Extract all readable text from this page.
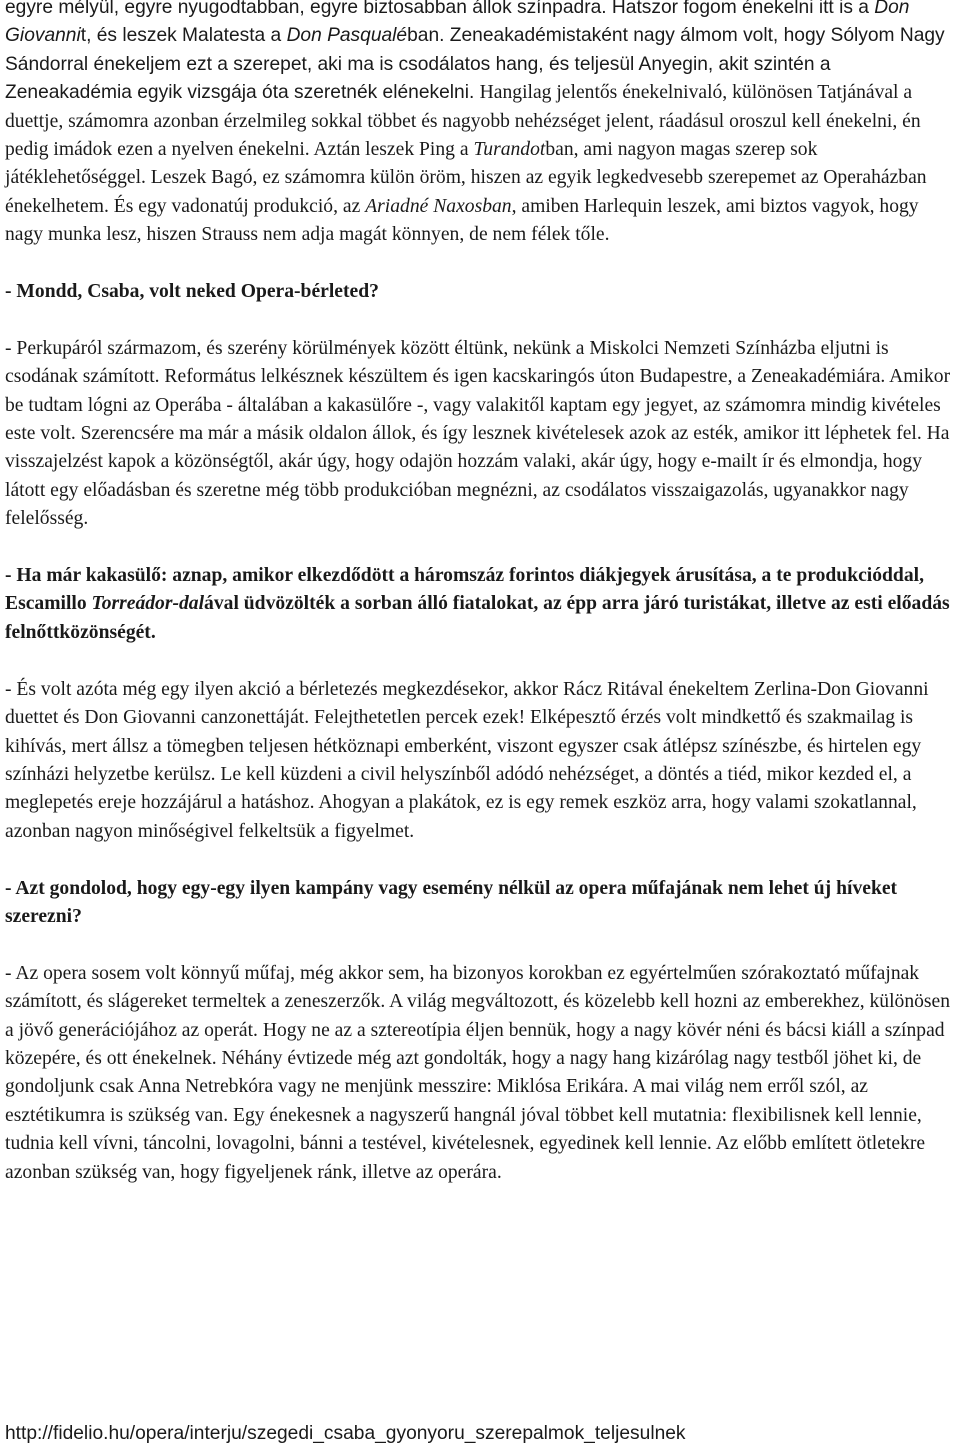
egyre mélyül, egyre nyugodtabban, egyre biztosabban állok színpadra. Hatszor fogom énekelni itt is a Don Giovannit, és leszek Malatesta a Don Pasqualéban. Zeneakadémistaként nagy álmom volt, hogy Sólyom Nagy Sándorral énekeljem ezt a szerepet, aki ma is csodálatos hang, és teljesül Anyegin, akit szintén a Zeneakadémia egyik vizsgája óta szeretnék elénekelni. Hangilag jelentős énekelnivaló, különösen Tatjánával a duettje, számomra azonban érzelmileg sokkal többet és nagyobb nehézséget jelent, ráadásul oroszul kell énekelni, én pedig imádok ezen a nyelven énekelni. Aztán leszek Ping a Turandotban, ami nagyon magas szerep sok játéklehetőséggel. Leszek Bagó, ez számomra külön öröm, hiszen az egyik legkedvesebb szerepemet az Operaházban énekelhetem. És egy vadonatúj produkció, az Ariadné Naxosban, amiben Harlequin leszek, ami biztos vagyok, hogy nagy munka lesz, hiszen Strauss nem adja magát könnyen, de nem félek tőle.

- Mondd, Csaba, volt neked Opera-bérleted?

- Perkupáról származom, és szerény körülmények között éltünk, nekünk a Miskolci Nemzeti Színházba eljutni is csodának számított. Református lelkésznek készültem és igen kacskaringós úton Budapestre, a Zeneakadémiára. Amikor be tudtam lógni az Operába - általában a kakasülőre -, vagy valakitől kaptam egy jegyet, az számomra mindig kivételes este volt. Szerencsére ma már a másik oldalon állok, és így lesznek kivételesek azok az esték, amikor itt léphetek fel. Ha visszajelzést kapok a közönségtől, akár úgy, hogy odajön hozzám valaki, akár úgy, hogy e-mailt ír és elmondja, hogy látott egy előadásban és szeretne még több produkcióban megnézni, az csodálatos visszaigazolás, ugyanakkor nagy felelősség.

- Ha már kakasülő: aznap, amikor elkezdődött a háromszáz forintos diákjegyek árusítása, a te produkcióddal, Escamillo Torreádor-dalával üdvözölték a sorban álló fiatalokat, az épp arra járó turistákat, illetve az esti előadás felnőttközönségét.

- És volt azóta még egy ilyen akció a bérletezés megkezdésekor, akkor Rácz Ritával énekeltem Zerlina-Don Giovanni duettet és Don Giovanni canzonettáját. Felejthetetlen percek ezek! Elképesztő érzés volt mindkettő és szakmailag is kihívás, mert állsz a tömegben teljesen hétköznapi emberként, viszont egyszer csak átlépsz színészbe, és hirtelen egy színházi helyzetbe kerülsz. Le kell küzdeni a civil helyszínből adódó nehézséget, a döntés a tiéd, mikor kezded el, a meglepetés ereje hozzájárul a hatáshoz. Ahogyan a plakátok, ez is egy remek eszköz arra, hogy valami szokatlannal, azonban nagyon minőségivel felkeltsük a figyelmet.

- Azt gondolod, hogy egy-egy ilyen kampány vagy esemény nélkül az opera műfajának nem lehet új híveket szerezni?

- Az opera sosem volt könnyű műfaj, még akkor sem, ha bizonyos korokban ez egyértelműen szórakoztató műfajnak számított, és slágereket termeltek a zeneszerzők. A világ megváltozott, és közelebb kell hozni az emberekhez, különösen a jövő generációjához az operát. Hogy ne az a sztereotípia éljen bennük, hogy a nagy kövér néni és bácsi kiáll a színpad közepére, és ott énekelnek. Néhány évtizede még azt gondolták, hogy a nagy hang kizárólag nagy testből jöhet ki, de gondoljunk csak Anna Netrebkóra vagy ne menjünk messzire: Miklósa Erikára. A mai világ nem erről szól, az esztétikumra is szükség van. Egy énekesnek a nagyszerű hangnál jóval többet kell mutatnia: flexibilisnek kell lennie, tudnia kell vívni, táncolni, lovagolni, bánni a testével, kivételesnek, egyedinek kell lennie. Az előbb említett ötletekre azonban szükség van, hogy figyeljenek ránk, illetve az operára.

http://fidelio.hu/opera/interju/szegedi_csaba_gyonyoru_szerepalmok_teljesulnek
